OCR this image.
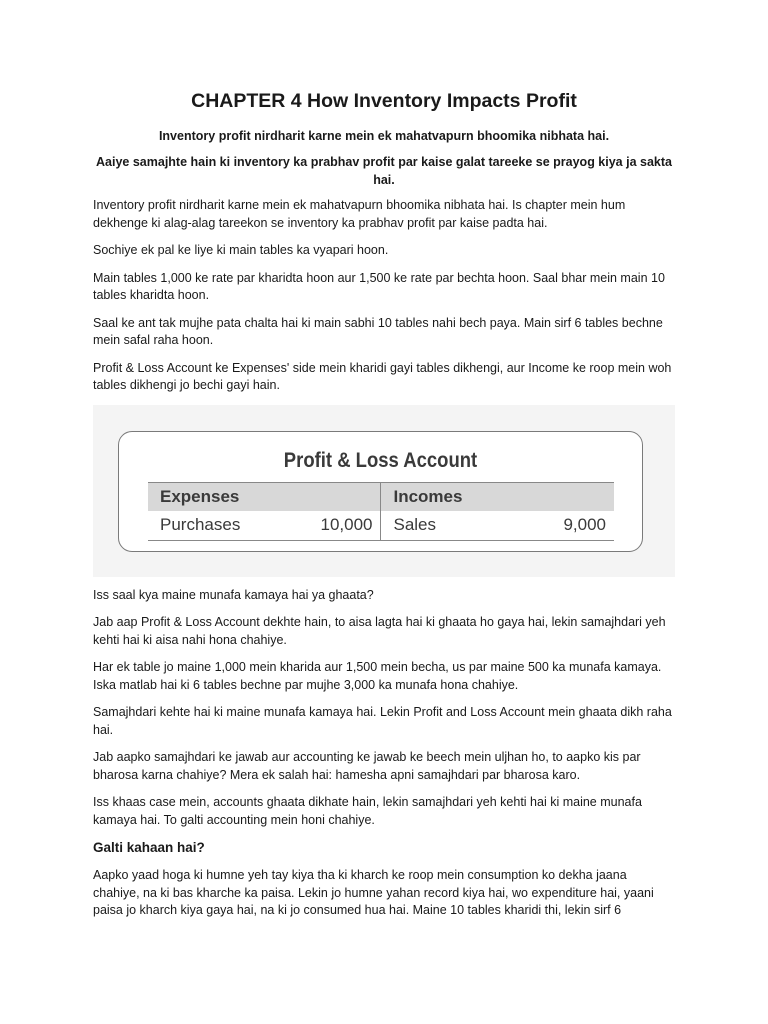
CHAPTER 4 How Inventory Impacts Profit

Inventory profit nirdharit karne mein ek mahatvapurn bhoomika nibhata hai.

Aaiye samajhte hain ki inventory ka prabhav profit par kaise galat tareeke se prayog kiya ja sakta hai.

Inventory profit nirdharit karne mein ek mahatvapurn bhoomika nibhata hai. Is chapter mein hum dekhenge ki alag-alag tareekon se inventory ka prabhav profit par kaise padta hai.

Sochiye ek pal ke liye ki main tables ka vyapari hoon.

Main tables 1,000 ke rate par kharidta hoon aur 1,500 ke rate par bechta hoon. Saal bhar mein main 10 tables kharidta hoon.

Saal ke ant tak mujhe pata chalta hai ki main sabhi 10 tables nahi bech paya. Main sirf 6 tables bechne mein safal raha hoon.

Profit & Loss Account ke Expenses' side mein kharidi gayi tables dikhengi, aur Income ke roop mein woh tables dikhengi jo bechi gayi hain.

Profit & Loss Account
Expenses		Incomes	
Purchases	10,000	Sales	9,000

Iss saal kya maine munafa kamaya hai ya ghaata?

Jab aap Profit & Loss Account dekhte hain, to aisa lagta hai ki ghaata ho gaya hai, lekin samajhdari yeh kehti hai ki aisa nahi hona chahiye.

Har ek table jo maine 1,000 mein kharida aur 1,500 mein becha, us par maine 500 ka munafa kamaya. Iska matlab hai ki 6 tables bechne par mujhe 3,000 ka munafa hona chahiye.

Samajhdari kehte hai ki maine munafa kamaya hai. Lekin Profit and Loss Account mein ghaata dikh raha hai.

Jab aapko samajhdari ke jawab aur accounting ke jawab ke beech mein uljhan ho, to aapko kis par bharosa karna chahiye? Mera ek salah hai: hamesha apni samajhdari par bharosa karo.

Iss khaas case mein, accounts ghaata dikhate hain, lekin samajhdari yeh kehti hai ki maine munafa kamaya hai. To galti accounting mein honi chahiye.

Galti kahaan hai?

Aapko yaad hoga ki humne yeh tay kiya tha ki kharch ke roop mein consumption ko dekha jaana chahiye, na ki bas kharche ka paisa. Lekin jo humne yahan record kiya hai, wo expenditure hai, yaani paisa jo kharch kiya gaya hai, na ki jo consumed hua hai. Maine 10 tables kharidi thi, lekin sirf 6
